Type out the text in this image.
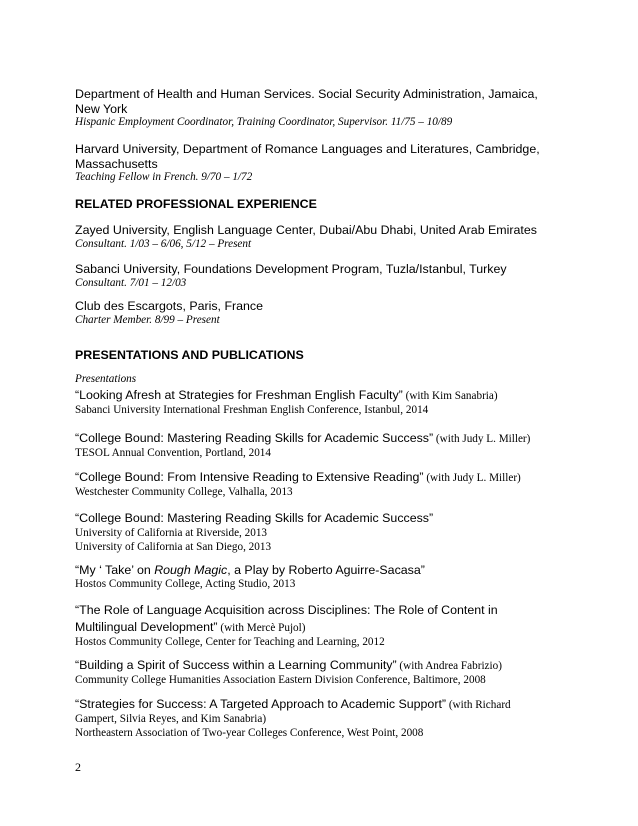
Department of Health and Human Services. Social Security Administration, Jamaica,
New York
Hispanic Employment Coordinator, Training Coordinator, Supervisor. 11/75 – 10/89
Harvard University, Department of Romance Languages and Literatures, Cambridge,
Massachusetts
Teaching Fellow in French. 9/70 – 1/72
RELATED PROFESSIONAL EXPERIENCE
Zayed University, English Language Center, Dubai/Abu Dhabi, United Arab Emirates
Consultant. 1/03 – 6/06, 5/12 – Present
Sabanci University, Foundations Development Program, Tuzla/Istanbul, Turkey
Consultant. 7/01 – 12/03
Club des Escargots, Paris, France
Charter Member. 8/99 – Present
PRESENTATIONS AND PUBLICATIONS
Presentations
“Looking Afresh at Strategies for Freshman English Faculty” (with Kim Sanabria)
Sabanci University International Freshman English Conference, Istanbul, 2014
“College Bound: Mastering Reading Skills for Academic Success” (with Judy L. Miller)
TESOL Annual Convention, Portland, 2014
“College Bound: From Intensive Reading to Extensive Reading” (with Judy L. Miller)
Westchester Community College, Valhalla, 2013
“College Bound: Mastering Reading Skills for Academic Success”
University of California at Riverside, 2013
University of California at San Diego, 2013
“My ‘ Take’ on Rough Magic, a Play by Roberto Aguirre-Sacasa”
Hostos Community College, Acting Studio, 2013
“The Role of Language Acquisition across Disciplines: The Role of Content in
Multilingual Development” (with Mercè Pujol)
Hostos Community College, Center for Teaching and Learning, 2012
“Building a Spirit of Success within a Learning Community” (with Andrea Fabrizio)
Community College Humanities Association Eastern Division Conference, Baltimore, 2008
“Strategies for Success: A Targeted Approach to Academic Support” (with Richard
Gampert, Silvia Reyes, and Kim Sanabria)
Northeastern Association of Two-year Colleges Conference, West Point, 2008
2
